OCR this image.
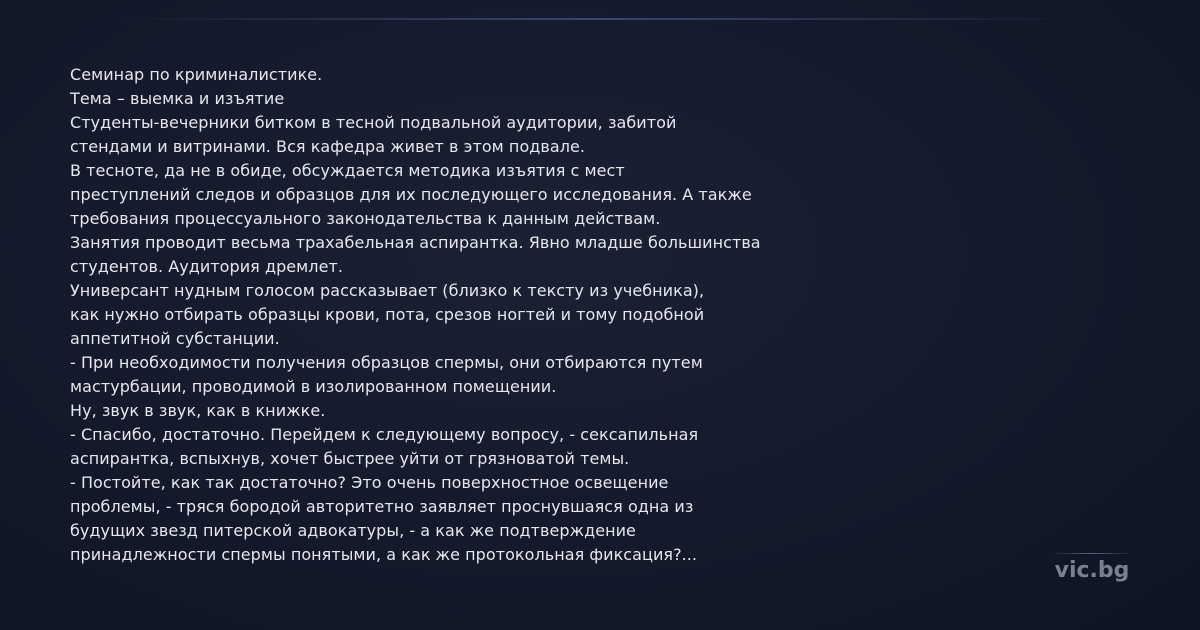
Семинар по криминалистике.
Тема – выемка и изъятие
Студенты-вечерники битком в тесной подвальной аудитории, забитой
стендами и витринами. Вся кафедра живет в этом подвале.
В тесноте, да не в обиде, обсуждается методика изъятия с мест
преступлений следов и образцов для их последующего исследования. А также
требования процессуального законодательства к данным действам.
Занятия проводит весьма трахабельная аспирантка. Явно младше большинства
студентов. Аудитория дремлет.
Универсант нудным голосом рассказывает (близко к тексту из учебника),
как нужно отбирать образцы крови, пота, срезов ногтей и тому подобной
аппетитной субстанции.
- При необходимости получения образцов спермы, они отбираются путем
мастурбации, проводимой в изолированном помещении.
Ну, звук в звук, как в книжке.
- Спасибо, достаточно. Перейдем к следующему вопросу, - сексапильная
аспирантка, вспыхнув, хочет быстрее уйти от грязноватой темы.
- Постойте, как так достаточно? Это очень поверхностное освещение
проблемы, - тряся бородой авторитетно заявляет проснувшаяся одна из
будущих звезд питерской адвокатуры, - а как же подтверждение
принадлежности спермы понятыми, а как же протокольная фиксация?...
vic.bg
